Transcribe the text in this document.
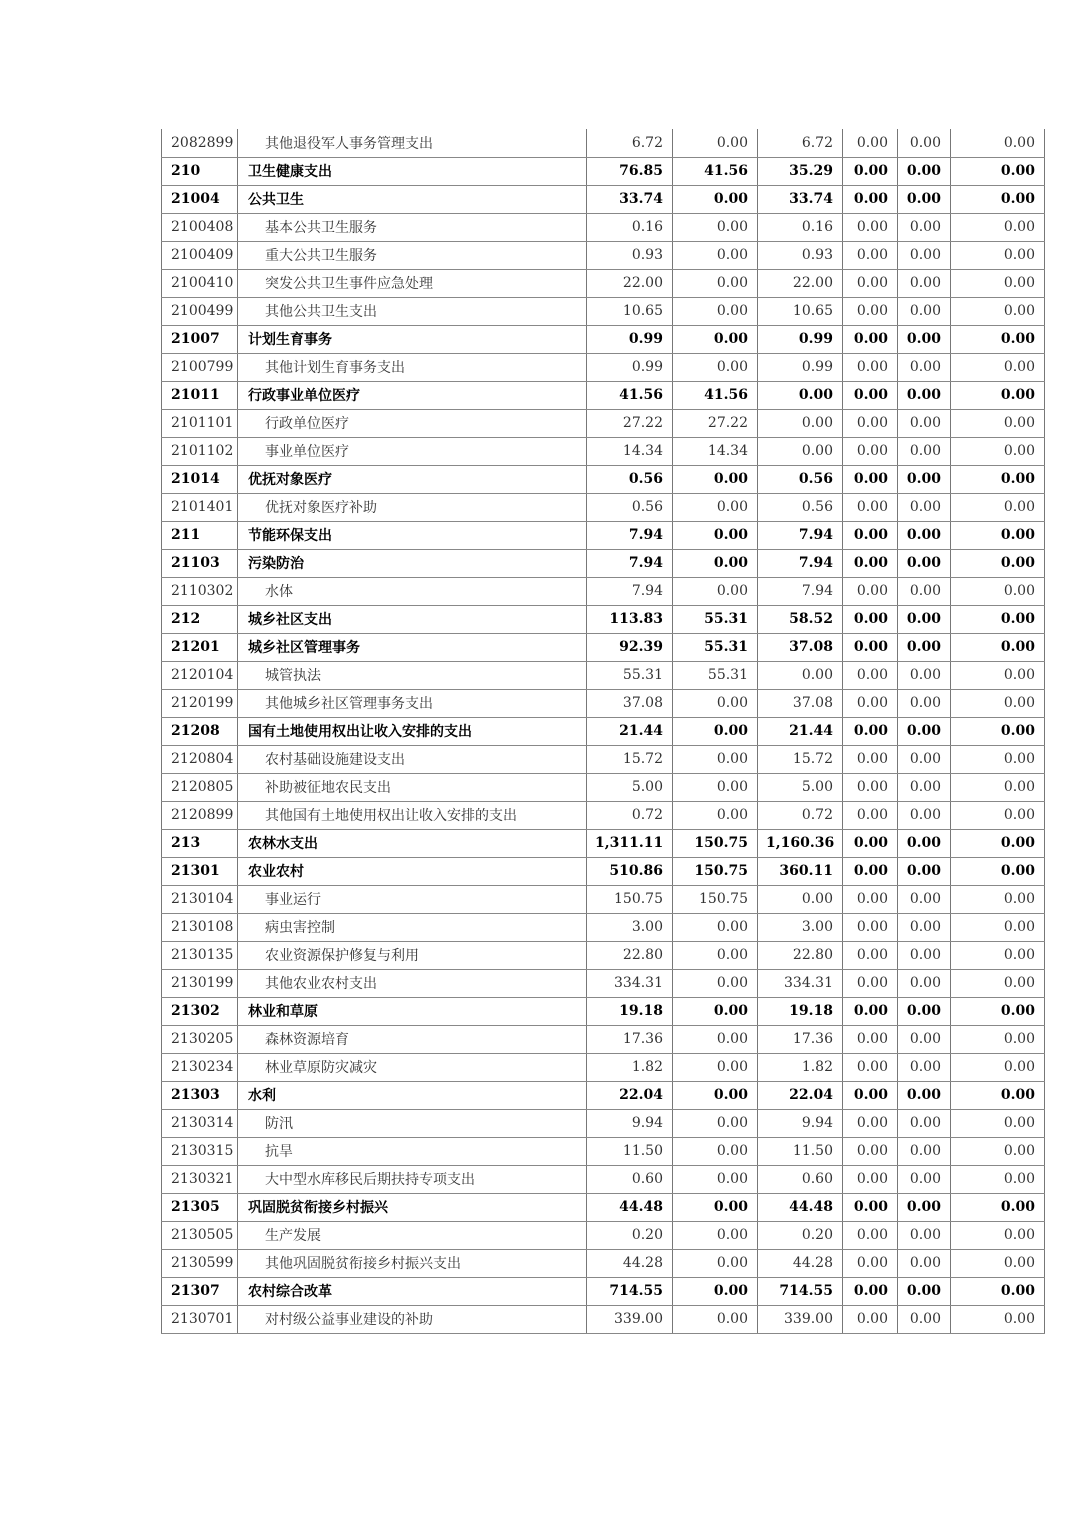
2082899	其他退役军人事务管理支出	6.72	0.00	6.72	0.00	0.00	0.00
210	卫生健康支出	76.85	41.56	35.29	0.00	0.00	0.00
21004	公共卫生	33.74	0.00	33.74	0.00	0.00	0.00
2100408	基本公共卫生服务	0.16	0.00	0.16	0.00	0.00	0.00
2100409	重大公共卫生服务	0.93	0.00	0.93	0.00	0.00	0.00
2100410	突发公共卫生事件应急处理	22.00	0.00	22.00	0.00	0.00	0.00
2100499	其他公共卫生支出	10.65	0.00	10.65	0.00	0.00	0.00
21007	计划生育事务	0.99	0.00	0.99	0.00	0.00	0.00
2100799	其他计划生育事务支出	0.99	0.00	0.99	0.00	0.00	0.00
21011	行政事业单位医疗	41.56	41.56	0.00	0.00	0.00	0.00
2101101	行政单位医疗	27.22	27.22	0.00	0.00	0.00	0.00
2101102	事业单位医疗	14.34	14.34	0.00	0.00	0.00	0.00
21014	优抚对象医疗	0.56	0.00	0.56	0.00	0.00	0.00
2101401	优抚对象医疗补助	0.56	0.00	0.56	0.00	0.00	0.00
211	节能环保支出	7.94	0.00	7.94	0.00	0.00	0.00
21103	污染防治	7.94	0.00	7.94	0.00	0.00	0.00
2110302	水体	7.94	0.00	7.94	0.00	0.00	0.00
212	城乡社区支出	113.83	55.31	58.52	0.00	0.00	0.00
21201	城乡社区管理事务	92.39	55.31	37.08	0.00	0.00	0.00
2120104	城管执法	55.31	55.31	0.00	0.00	0.00	0.00
2120199	其他城乡社区管理事务支出	37.08	0.00	37.08	0.00	0.00	0.00
21208	国有土地使用权出让收入安排的支出	21.44	0.00	21.44	0.00	0.00	0.00
2120804	农村基础设施建设支出	15.72	0.00	15.72	0.00	0.00	0.00
2120805	补助被征地农民支出	5.00	0.00	5.00	0.00	0.00	0.00
2120899	其他国有土地使用权出让收入安排的支出	0.72	0.00	0.72	0.00	0.00	0.00
213	农林水支出	1,311.11	150.75	1,160.36	0.00	0.00	0.00
21301	农业农村	510.86	150.75	360.11	0.00	0.00	0.00
2130104	事业运行	150.75	150.75	0.00	0.00	0.00	0.00
2130108	病虫害控制	3.00	0.00	3.00	0.00	0.00	0.00
2130135	农业资源保护修复与利用	22.80	0.00	22.80	0.00	0.00	0.00
2130199	其他农业农村支出	334.31	0.00	334.31	0.00	0.00	0.00
21302	林业和草原	19.18	0.00	19.18	0.00	0.00	0.00
2130205	森林资源培育	17.36	0.00	17.36	0.00	0.00	0.00
2130234	林业草原防灾减灾	1.82	0.00	1.82	0.00	0.00	0.00
21303	水利	22.04	0.00	22.04	0.00	0.00	0.00
2130314	防汛	9.94	0.00	9.94	0.00	0.00	0.00
2130315	抗旱	11.50	0.00	11.50	0.00	0.00	0.00
2130321	大中型水库移民后期扶持专项支出	0.60	0.00	0.60	0.00	0.00	0.00
21305	巩固脱贫衔接乡村振兴	44.48	0.00	44.48	0.00	0.00	0.00
2130505	生产发展	0.20	0.00	0.20	0.00	0.00	0.00
2130599	其他巩固脱贫衔接乡村振兴支出	44.28	0.00	44.28	0.00	0.00	0.00
21307	农村综合改革	714.55	0.00	714.55	0.00	0.00	0.00
2130701	对村级公益事业建设的补助	339.00	0.00	339.00	0.00	0.00	0.00
